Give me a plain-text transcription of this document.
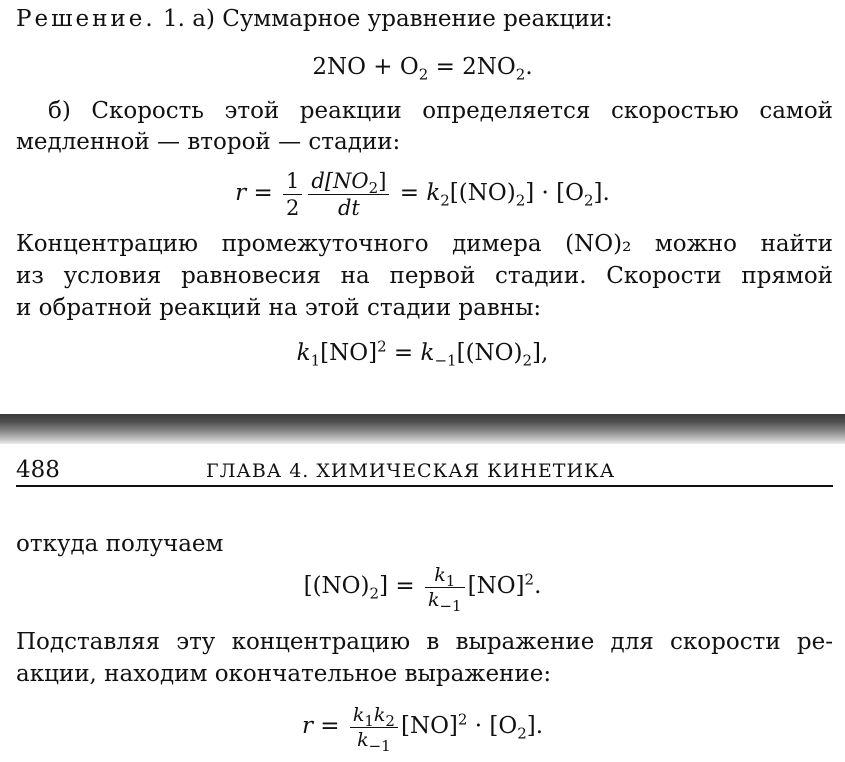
Решение. 1. а) Суммарное уравнение реакции:
$2NO + O_2 = 2NO_2$.
б) Скорость этой реакции определяется скоростью самой
медленной — второй — стадии:
$r = \frac{1}{2} \frac{d[NO_2]}{dt} = k_2[(NO)_2] \cdot [O_2]$.
Концентрацию промежуточного димера (NO)₂ можно найти
из условия равновесия на первой стадии. Скорости прямой
и обратной реакций на этой стадии равны:
$k_1[NO]^2 = k_{-1}[(NO)_2]$,
488	ГЛАВА 4. ХИМИЧЕСКАЯ КИНЕТИКА
откуда получаем
$[(NO)_2] = \frac{k_1}{k_{-1}} [NO]^2$.
Подставляя эту концентрацию в выражение для скорости ре-
акции, находим окончательное выражение:
$r = \frac{k_1k_2}{k_{-1}} [NO]^2 \cdot [O_2]$.
